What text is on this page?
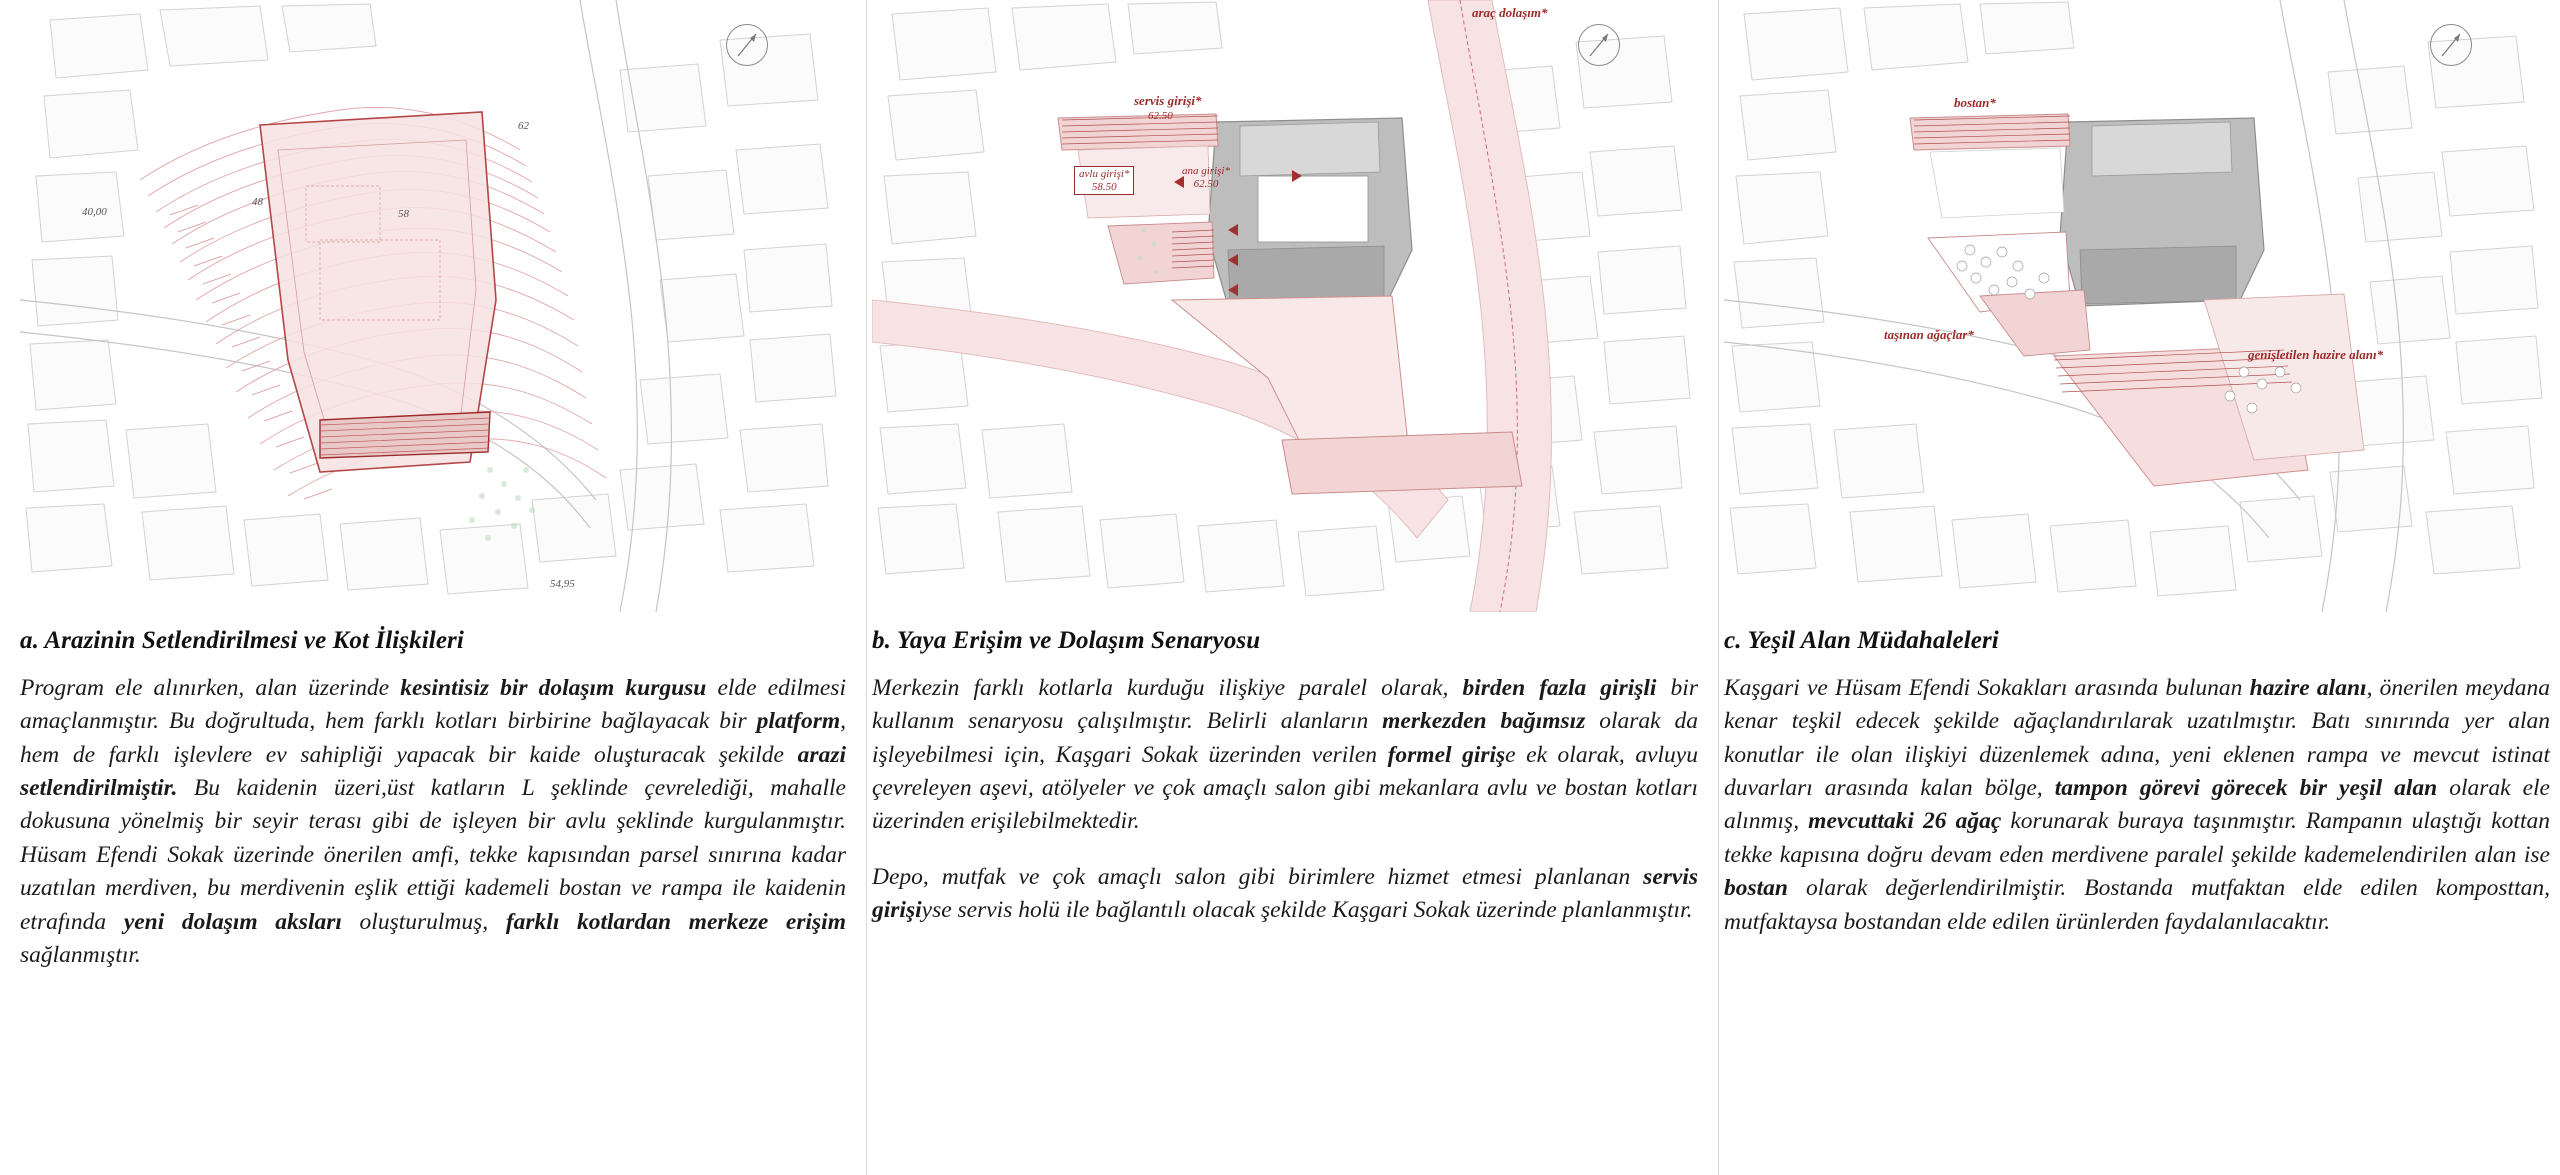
62
58
48
40,00
54,95
a. Arazinin Setlendirilmesi ve Kot İlişkileri

Program ele alınırken, alan üzerinde kesintisiz bir dolaşım kurgusu elde edilmesi amaçlanmıştır. Bu doğrultuda, hem farklı kotları birbirine bağlayacak bir platform, hem de farklı işlevlere ev sahipliği yapacak bir kaide oluşturacak şekilde arazi setlendirilmiştir. Bu kaidenin üzeri,üst katların L şeklinde çevrelediği, mahalle dokusuna yönelmiş bir seyir terası gibi de işleyen bir avlu şeklinde kurgulanmıştır. Hüsam Efendi Sokak üzerinde önerilen amfi, tekke kapısından parsel sınırına kadar uzatılan merdiven, bu merdivenin eşlik ettiği kademeli bostan ve rampa ile kaidenin etrafında yeni dolaşım aksları oluşturulmuş, farklı kotlardan merkeze erişim sağlanmıştır.

araç dolaşım*
servis girişi*
62.50
avlu girişi*
58.50
ana girişi*
62.50
b. Yaya Erişim ve Dolaşım Senaryosu

Merkezin farklı kotlarla kurduğu ilişkiye paralel olarak, birden fazla girişli bir kullanım senaryosu çalışılmıştır. Belirli alanların merkezden bağımsız olarak da işleyebilmesi için, Kaşgari Sokak üzerinden verilen formel girişe ek olarak, avluyu çevreleyen aşevi, atölyeler ve çok amaçlı salon gibi mekanlara avlu ve bostan kotları üzerinden erişilebilmektedir.

Depo, mutfak ve çok amaçlı salon gibi birimlere hizmet etmesi planlanan servis girişiyse servis holü ile bağlantılı olacak şekilde Kaşgari Sokak üzerinde planlanmıştır.

bostan*
taşınan ağaçlar*
genişletilen hazire alanı*
c. Yeşil Alan Müdahaleleri

Kaşgari ve Hüsam Efendi Sokakları arasında bulunan hazire alanı, önerilen meydana kenar teşkil edecek şekilde ağaçlandırılarak uzatılmıştır. Batı sınırında yer alan konutlar ile olan ilişkiyi düzenlemek adına, yeni eklenen rampa ve mevcut istinat duvarları arasında kalan bölge, tampon görevi görecek bir yeşil alan olarak ele alınmış, mevcuttaki 26 ağaç korunarak buraya taşınmıştır. Rampanın ulaştığı kottan tekke kapısına doğru devam eden merdivene paralel şekilde kademelendirilen alan ise bostan olarak değerlendirilmiştir. Bostanda mutfaktan elde edilen komposttan, mutfaktaysa bostandan elde edilen ürünlerden faydalanılacaktır.
